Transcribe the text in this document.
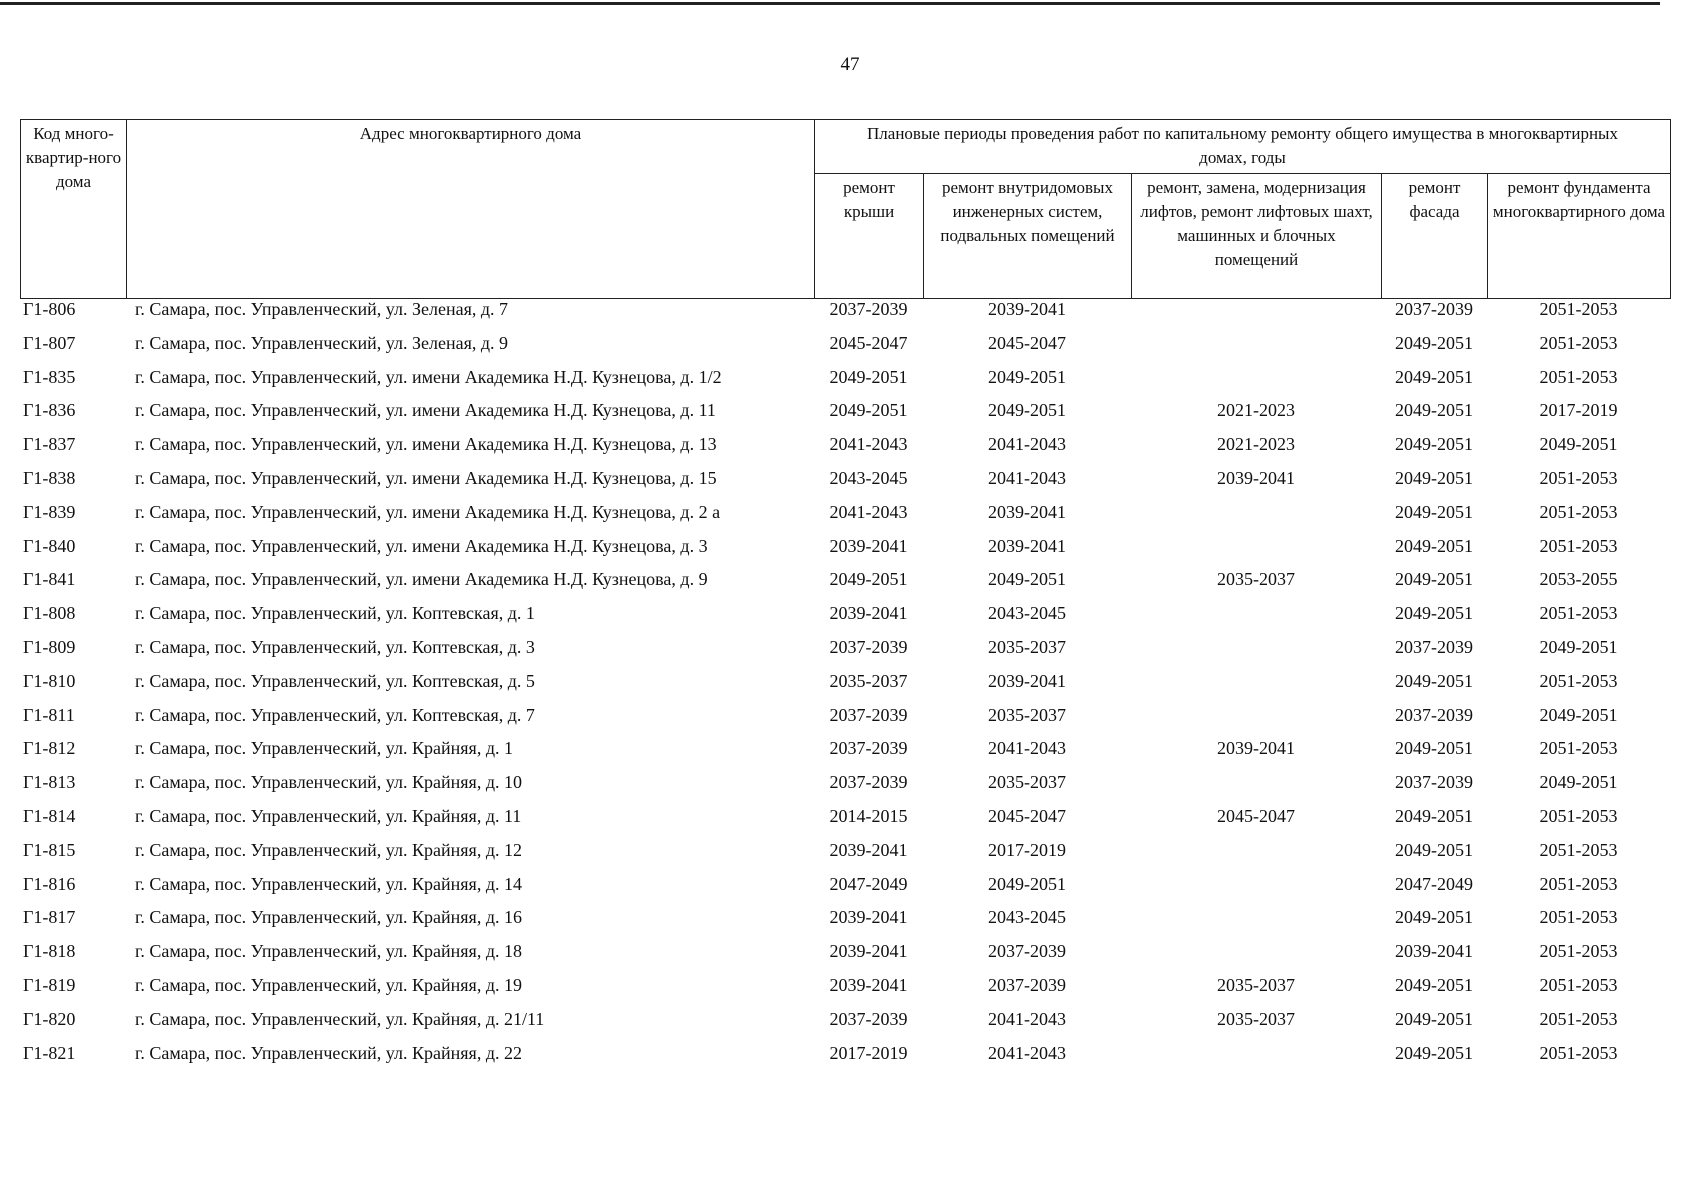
47
Код много-квартир-ного дома	Адрес многоквартирного дома	Плановые периоды проведения работ по капитальному ремонту общего имущества в многоквартирных домах, годы				
		ремонт крыши	ремонт внутридомовых инженерных систем, подвальных помещений	ремонт, замена, модернизация лифтов, ремонт лифтовых шахт, машинных и блочных помещений	ремонт фасада	ремонт фундамента многоквартирного дома
Г1-806	г. Самара, пос. Управленческий, ул. Зеленая, д. 7	2037-2039	2039-2041		2037-2039	2051-2053
Г1-807	г. Самара, пос. Управленческий, ул. Зеленая, д. 9	2045-2047	2045-2047		2049-2051	2051-2053
Г1-835	г. Самара, пос. Управленческий, ул. имени Академика Н.Д. Кузнецова, д. 1/2	2049-2051	2049-2051		2049-2051	2051-2053
Г1-836	г. Самара, пос. Управленческий, ул. имени Академика Н.Д. Кузнецова, д. 11	2049-2051	2049-2051	2021-2023	2049-2051	2017-2019
Г1-837	г. Самара, пос. Управленческий, ул. имени Академика Н.Д. Кузнецова, д. 13	2041-2043	2041-2043	2021-2023	2049-2051	2049-2051
Г1-838	г. Самара, пос. Управленческий, ул. имени Академика Н.Д. Кузнецова, д. 15	2043-2045	2041-2043	2039-2041	2049-2051	2051-2053
Г1-839	г. Самара, пос. Управленческий, ул. имени Академика Н.Д. Кузнецова, д. 2 а	2041-2043	2039-2041		2049-2051	2051-2053
Г1-840	г. Самара, пос. Управленческий, ул. имени Академика Н.Д. Кузнецова, д. 3	2039-2041	2039-2041		2049-2051	2051-2053
Г1-841	г. Самара, пос. Управленческий, ул. имени Академика Н.Д. Кузнецова, д. 9	2049-2051	2049-2051	2035-2037	2049-2051	2053-2055
Г1-808	г. Самара, пос. Управленческий, ул. Коптевская, д. 1	2039-2041	2043-2045		2049-2051	2051-2053
Г1-809	г. Самара, пос. Управленческий, ул. Коптевская, д. 3	2037-2039	2035-2037		2037-2039	2049-2051
Г1-810	г. Самара, пос. Управленческий, ул. Коптевская, д. 5	2035-2037	2039-2041		2049-2051	2051-2053
Г1-811	г. Самара, пос. Управленческий, ул. Коптевская, д. 7	2037-2039	2035-2037		2037-2039	2049-2051
Г1-812	г. Самара, пос. Управленческий, ул. Крайняя, д. 1	2037-2039	2041-2043	2039-2041	2049-2051	2051-2053
Г1-813	г. Самара, пос. Управленческий, ул. Крайняя, д. 10	2037-2039	2035-2037		2037-2039	2049-2051
Г1-814	г. Самара, пос. Управленческий, ул. Крайняя, д. 11	2014-2015	2045-2047	2045-2047	2049-2051	2051-2053
Г1-815	г. Самара, пос. Управленческий, ул. Крайняя, д. 12	2039-2041	2017-2019		2049-2051	2051-2053
Г1-816	г. Самара, пос. Управленческий, ул. Крайняя, д. 14	2047-2049	2049-2051		2047-2049	2051-2053
Г1-817	г. Самара, пос. Управленческий, ул. Крайняя, д. 16	2039-2041	2043-2045		2049-2051	2051-2053
Г1-818	г. Самара, пос. Управленческий, ул. Крайняя, д. 18	2039-2041	2037-2039		2039-2041	2051-2053
Г1-819	г. Самара, пос. Управленческий, ул. Крайняя, д. 19	2039-2041	2037-2039	2035-2037	2049-2051	2051-2053
Г1-820	г. Самара, пос. Управленческий, ул. Крайняя, д. 21/11	2037-2039	2041-2043	2035-2037	2049-2051	2051-2053
Г1-821	г. Самара, пос. Управленческий, ул. Крайняя, д. 22	2017-2019	2041-2043		2049-2051	2051-2053
